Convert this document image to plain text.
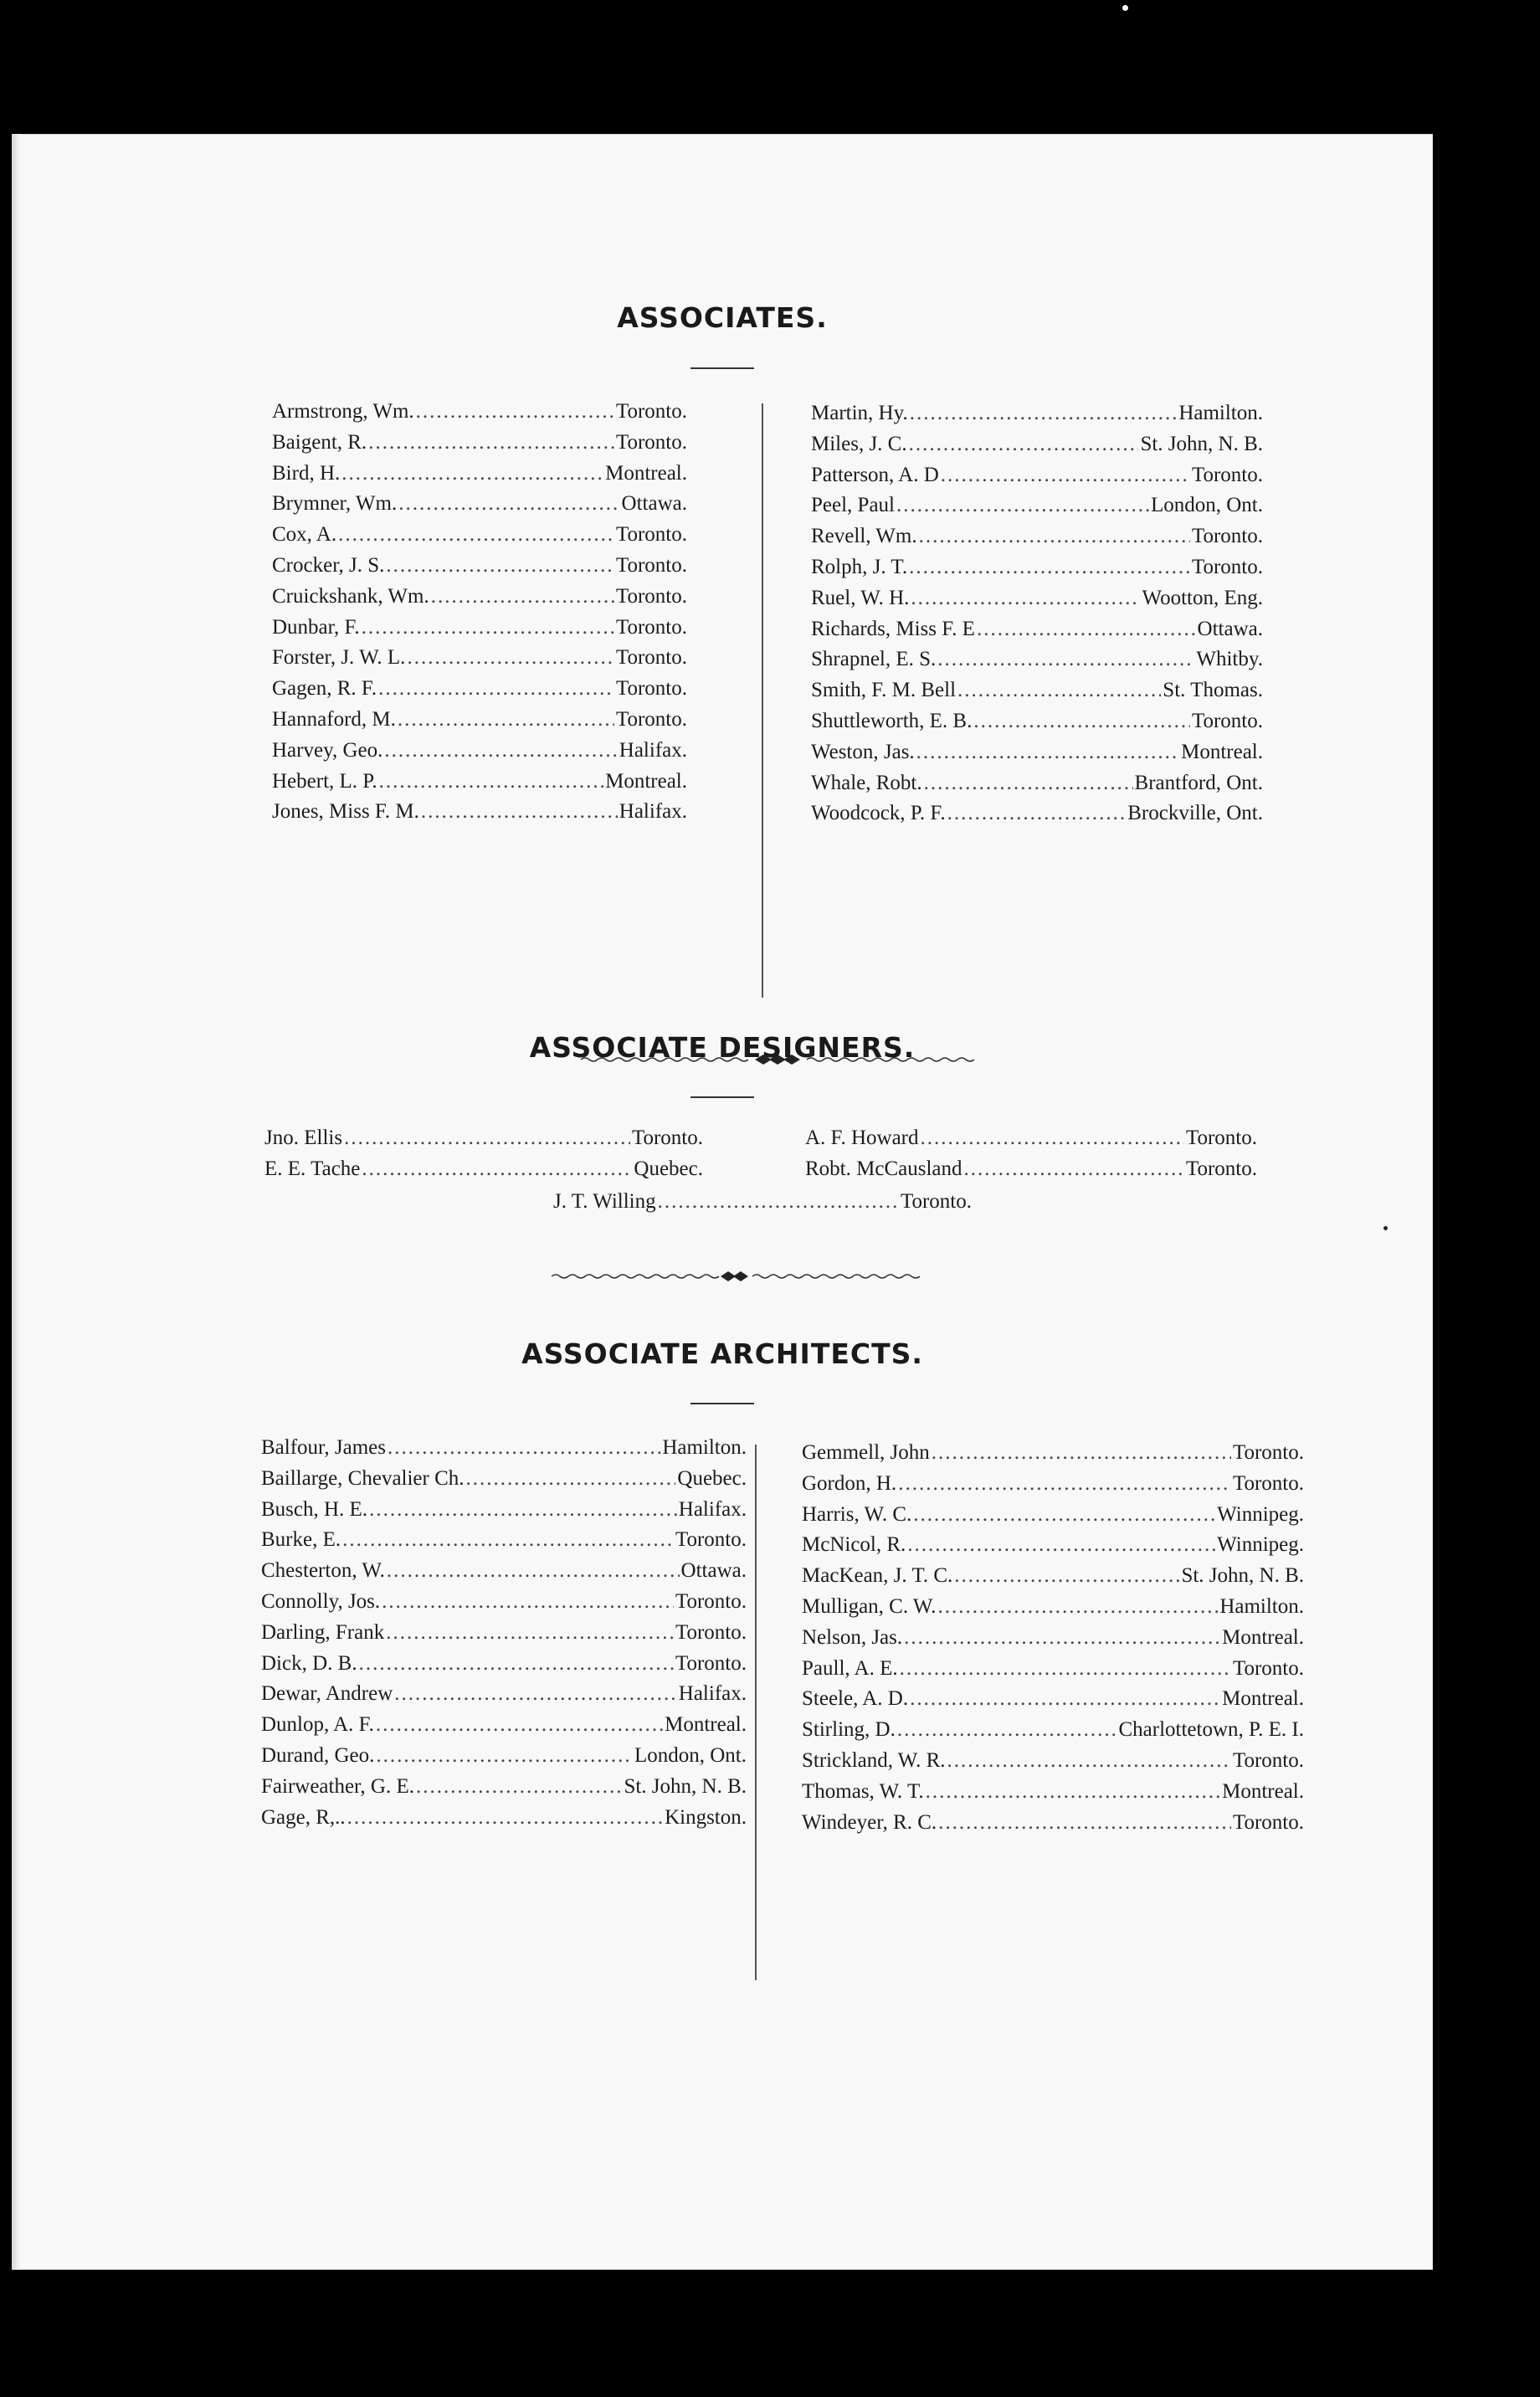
ASSOCIATES.
Armstrong, Wm. .....	Toronto.
Baigent, R. .....	Toronto.
Bird, H. .....	Montreal.
Brymner, Wm. .....	Ottawa.
Cox, A. .....	Toronto.
Crocker, J. S. .....	Toronto.
Cruickshank, Wm. .....	Toronto.
Dunbar, F. .....	Toronto.
Forster, J. W. L. .....	Toronto.
Gagen, R. F. .....	Toronto.
Hannaford, M. .....	Toronto.
Harvey, Geo. .....	Halifax.
Hebert, L. P. .....	Montreal.
Jones, Miss F. M. .....	Halifax.
Martin, Hy. .....	Hamilton.
Miles, J. C. .....	St. John, N. B.
Patterson, A. D .....	Toronto.
Peel, Paul .....	London, Ont.
Revell, Wm. .....	Toronto.
Rolph, J. T. .....	Toronto.
Ruel, W. H. .....	Wootton, Eng.
Richards, Miss F. E .....	Ottawa.
Shrapnel, E. S. .....	Whitby.
Smith, F. M. Bell .....	St. Thomas.
Shuttleworth, E. B. .....	Toronto.
Weston, Jas. .....	Montreal.
Whale, Robt. .....	Brantford, Ont.
Woodcock, P. F. .....	Brockville, Ont.
ASSOCIATE DESIGNERS.
Jno. Ellis .....	Toronto.
E. E. Tache .....	Quebec.
A. F. Howard .....	Toronto.
Robt. McCausland .....	Toronto.
J. T. Willing .....	Toronto.
ASSOCIATE ARCHITECTS.
Balfour, James .....	Hamilton.
Baillarge, Chevalier Ch. .....	Quebec.
Busch, H. E. .....	Halifax.
Burke, E. .....	Toronto.
Chesterton, W. .....	Ottawa.
Connolly, Jos. .....	Toronto.
Darling, Frank .....	Toronto.
Dick, D. B. .....	Toronto.
Dewar, Andrew .....	Halifax.
Dunlop, A. F. .....	Montreal.
Durand, Geo. .....	London, Ont.
Fairweather, G. E. .....	St. John, N. B.
Gage, R,.. .....	Kingston.
Gemmell, John .....	Toronto.
Gordon, H. .....	Toronto.
Harris, W. C. .....	Winnipeg.
McNicol, R. .....	Winnipeg.
MacKean, J. T. C. .....	St. John, N. B.
Mulligan, C. W. .....	Hamilton.
Nelson, Jas. .....	Montreal.
Paull, A. E. .....	Toronto.
Steele, A. D. .....	Montreal.
Stirling, D. .....	Charlottetown, P. E. I.
Strickland, W. R. .....	Toronto.
Thomas, W. T. .....	Montreal.
Windeyer, R. C. .....	Toronto.
